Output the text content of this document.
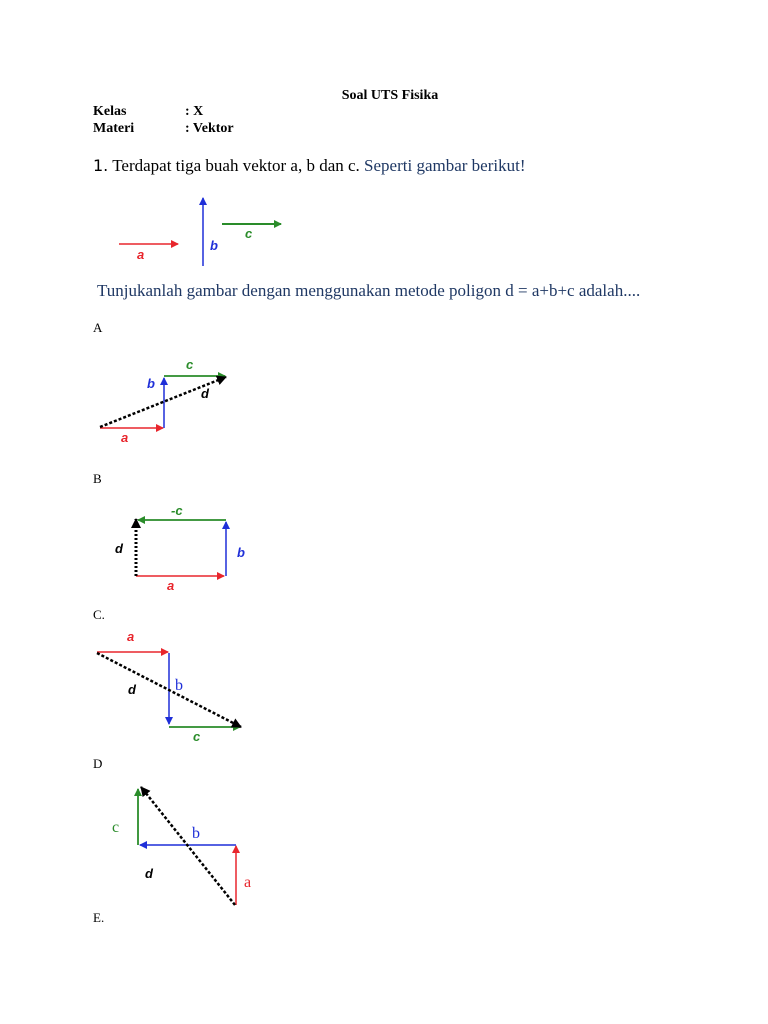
Soal UTS Fisika
Kelas	: X
Materi	: Vektor
1. Terdapat tiga buah vektor a, b dan c. Seperti gambar berikut!
Tunjukanlah gambar dengan menggunakan metode poligon d = a+b+c adalah....
A
B
C.
D
E.
a
b
c
a
b
c
d
a
b
-c
d
a
b
c
d
a
b
c
d
